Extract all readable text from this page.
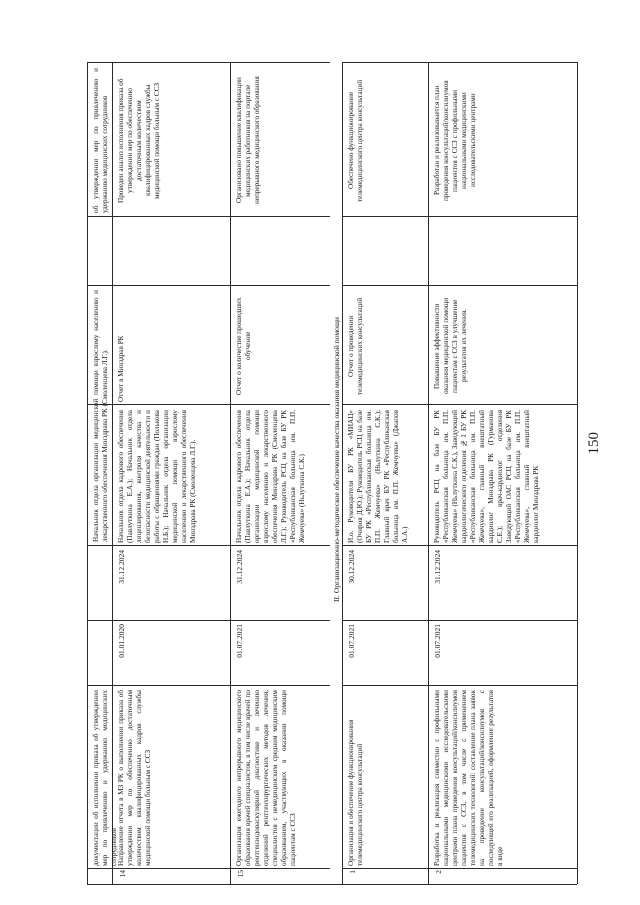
II. Организационно-методическое обеспечение качества оказания медицинской помощи
документации об исполнении приказа об утверждении мер по привлечению и удержанию медицинских сотрудников
Начальник отдела организации медицинской помощи взрослому населению и лекарственного обеспечения Минздрава РК (Смоленцева Л.Г.).
об утверждении мер по привлечению и удержанию медицинских сотрудников
14
Направление отчета в МЗ РК о выполнении приказа об утверждении мер по обеспечению достаточным количеством квалифицированных кадров службы медицинской помощи больным с ССЗ
01.01.2020
31.12.2024
Начальник отдела кадрового обеспечения (Павлуткина Е.А.); Начальник отдела лицензирования, контроля качества и безопасности медицинской деятельности и работы с обращениями граждан (Полькова Н.Б.); Начальник отдела организации медицинской помощи взрослому населению и лекарственного обеспечения Минздрава РК (Смоленцева Л.Г.).
Отчет в Минздрав РК
Проведен анализ исполнения приказа об утверждении мер по обеспечению достаточным количеством квалифицированных кадров службы медицинской помощи больным с ССЗ
15
Организация ежегодного непрерывного медицинского образования врачей специалистов, в том числе врачей по рентгенэндоваскулярной диагностике и лечению отделений рентгенхирургических методов лечения, специалистов с немедицинским средним медицинским образованием, участвующих в оказании помощи пациентам с ССЗ
01.07.2021
31.12.2024
Начальник отдела кадрового обеспечения (Павлуткина Е.А.); Начальник отдела организации медицинской помощи взрослому населению и лекарственного обеспечения Минздрава РК (Смоленцева Л.Г.); Руководитель РСЦ на базе БУ РК «Республиканская больница им. П.П. Жемчуева» (Ньлуткина С.К.)
Отчет о количестве прошедших обучение
Организовано повышение квалификации медицинских работников на портале непрерывного медицинского образования
1
Организация и обеспечение функционирования телемедицинского центра консультаций
01.07.2021
30.12.2024
И.о. Руководителя БУ РК «МИАЦ» (Очиров Д.Ю.); Руководитель РСЦ на базе БУ РК «Республиканская больница им. П.П. Жемчуева» (Ньлуткина С.К.); Главный врач БУ РК «Республиканская больница им. П.П. Жемчуева» (Джапов А.А.)
Отчет о проведении телемедицинских консультаций
Обеспечено функционирование телемедицинского центра консультаций
2
Разработка и реализация совместно с профильными национальными медицинскими исследовательскими центрами плана проведения консультаций/консилиумов пациентов с ССЗ, в том числе с применением телемедицинских технологий: составление плана заявок на проведение консультаций/консилиумов с последующей его реализацией, оформление результатов в виде
01.07.2021
31.12.2024
Руководитель РСЦ на базе БУ РК «Республиканская больница им. П.П. Жемчуева» (Ньлуткина С.К.), Заведующий кардиологического отделения №1 БУ РК «Республиканская больница им. П.П. Жемчуева», главный внештатный кардиолог Минздрава РК (Гурманова С.Е.); врач-кардиолог отделения Заведующий ОАС РСЦ на базе БУ РК «Республиканская больница им. П.П. Жемчуева», главный внештатный кардиолог Минздрава РК
Повышение эффективности оказания медицинской помощи пациентам с ССЗ в улучшение результатов их лечения.
Разработан и реализовывается план проведения консультаций/консилиумов пациентов с ССЗ с профильными национальными медицинскими исследовательскими центрами
150
